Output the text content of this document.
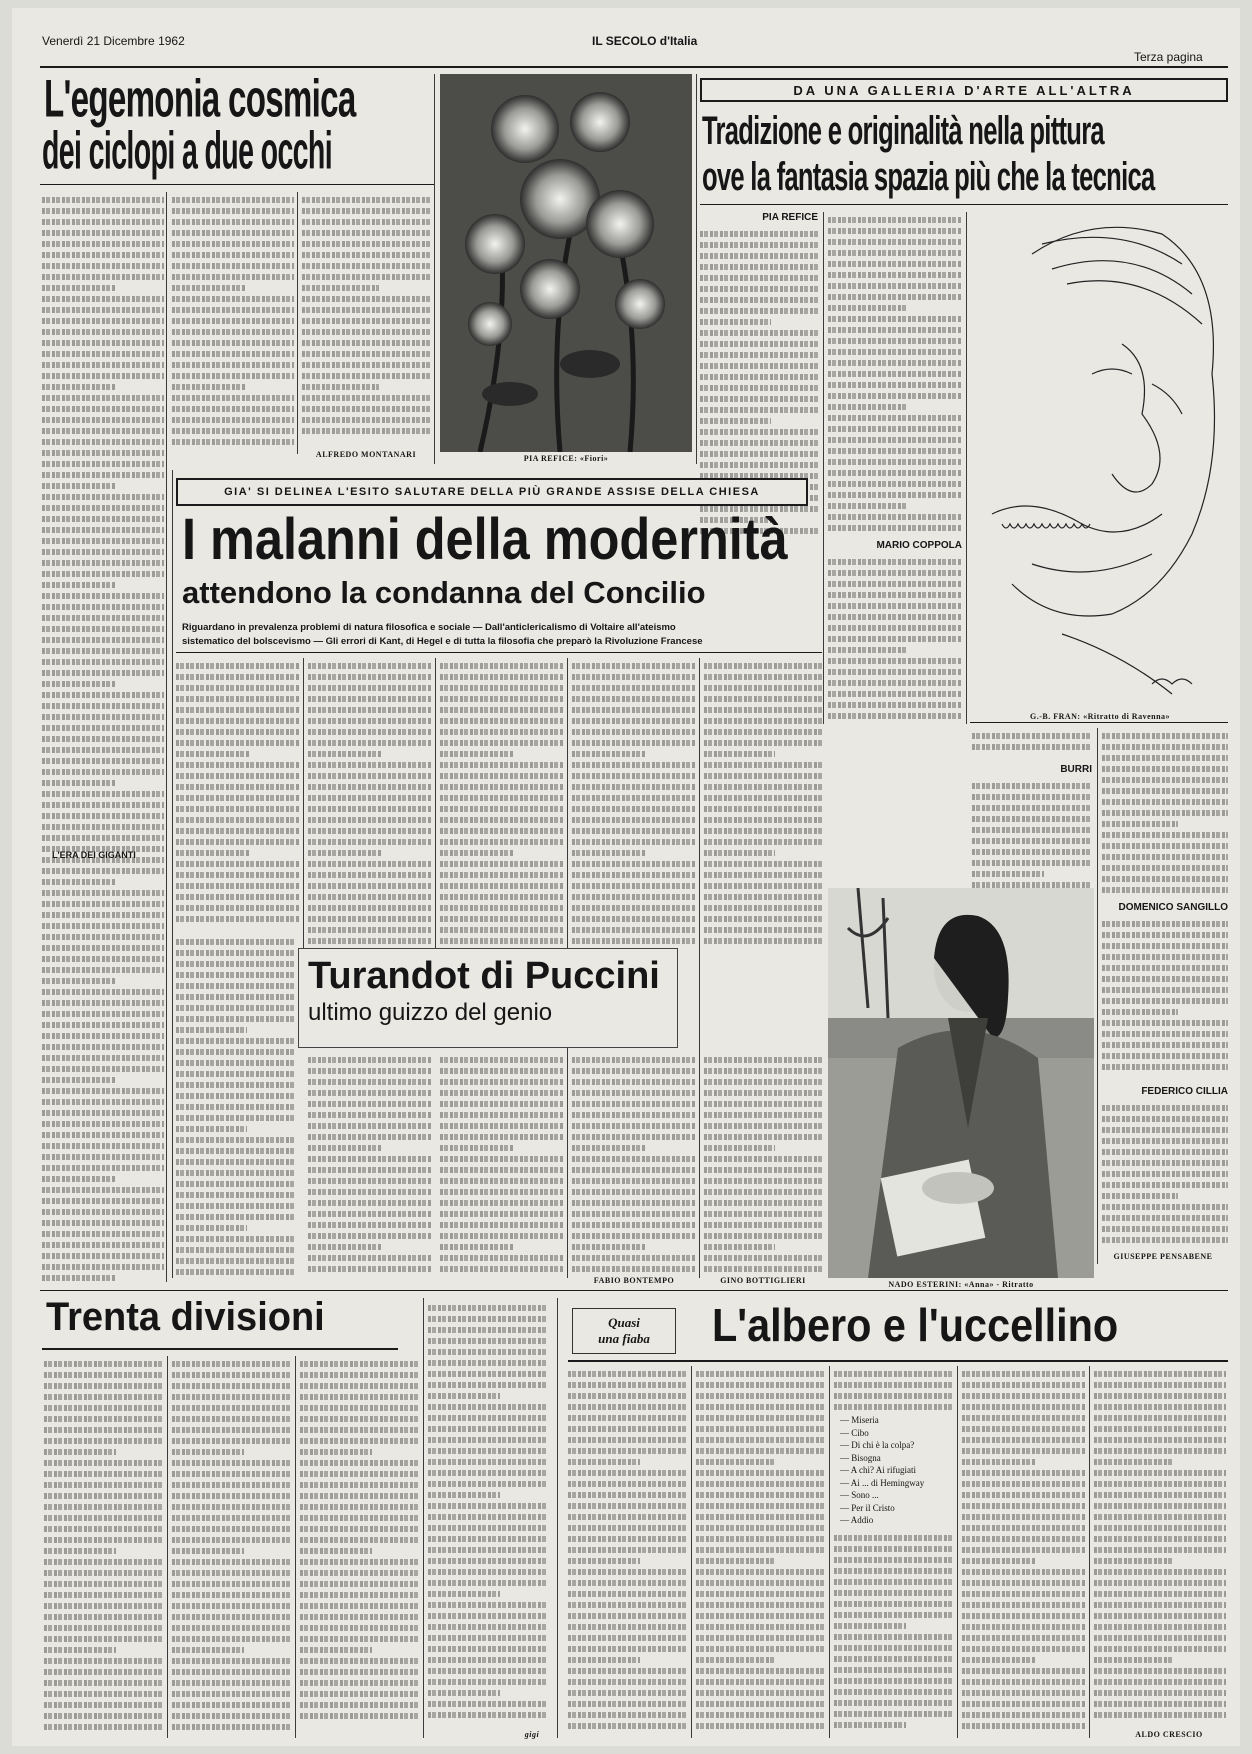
Venerdì 21 Dicembre 1962	IL SECOLO d'Italia
Terza pagina
L'egemonia cosmica
dei ciclopi a due occhi
L'ERA DEI GIGANTI
ALFREDO MONTANARI	PIA REFICE: «Fiori»
DA UNA GALLERIA D'ARTE ALL'ALTRA
Tradizione e originalità nella pittura
ove la fantasia spazia più che la tecnica
PIA REFICE
MARIO COPPOLA
G.-B. FRAN: «Ritratto di Ravenna»
BURRI
DOMENICO SANGILLO
FEDERICO CILLIA
GIUSEPPE PENSABENE
NADO ESTERINI: «Anna» - Ritratto
GIA' SI DELINEA L'ESITO SALUTARE DELLA PIÙ GRANDE ASSISE DELLA CHIESA
I malanni della modernità
attendono la condanna del Concilio
Riguardano in prevalenza problemi di natura filosofica e sociale — Dall'anticlericalismo di Voltaire all'ateismo
sistematico del bolscevismo — Gli errori di Kant, di Hegel e di tutta la filosofia che preparò la Rivoluzione Francese
Turandot di Puccini
ultimo guizzo del genio
FABIO BONTEMPO	GINO BOTTIGLIERI
Trenta divisioni
gigi
Quasi
una fiaba L'albero e l'uccellino
— Miseria
— Cibo
— Di chi è la colpa?
— Bisogna
— A chi? Ai rifugiati
— Ai ... di Hemingway
— Sono ...
— Per il Cristo
— Addio
ALDO CRESCIO
